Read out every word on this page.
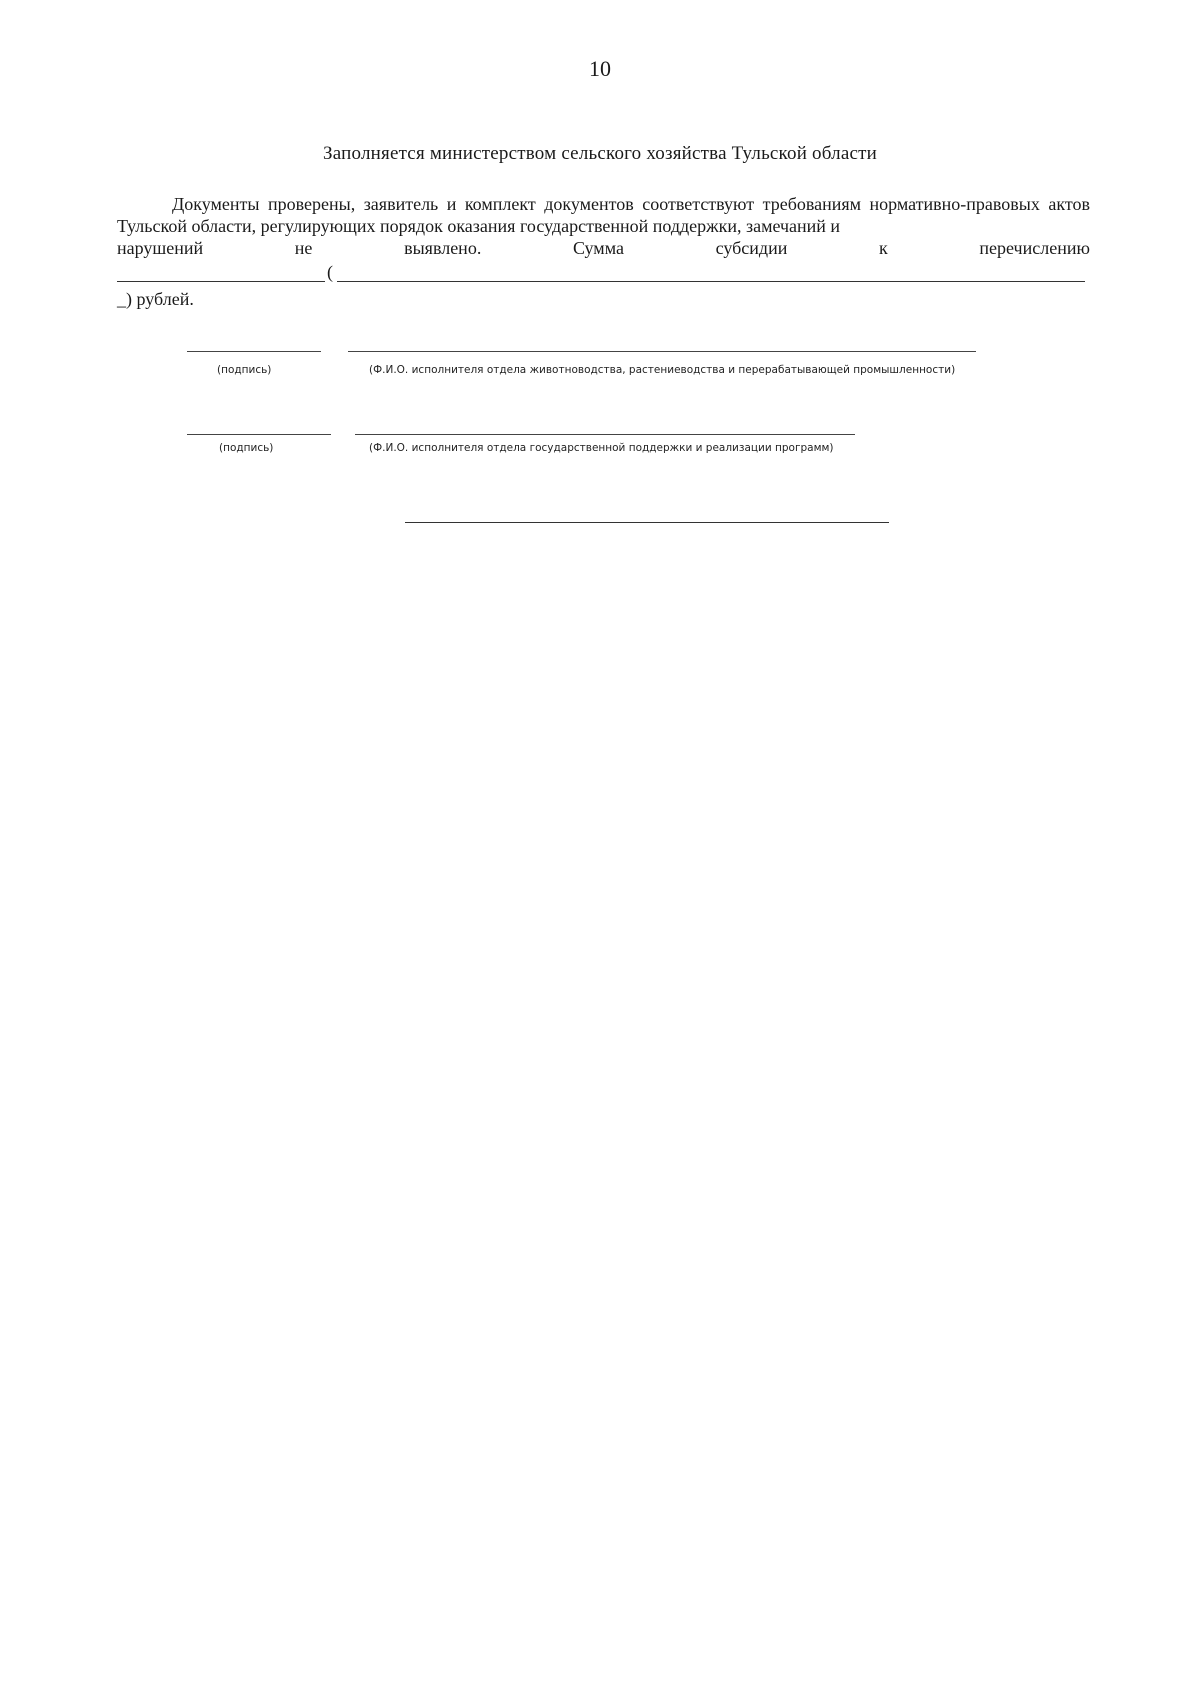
10
Заполняется министерством сельского хозяйства Тульской области

Документы проверены, заявитель и комплект документов соответствуют требованиям нормативно-правовых актов Тульской области, регулирующих порядок оказания государственной поддержки, замечаний и

нарушений	не	выявлено.	Сумма	субсидии	к	перечислению
(
_) рублей.
(подпись)	(Ф.И.О. исполнителя отдела животноводства, растениеводства и перерабатывающей промышленности)
(подпись)	(Ф.И.О. исполнителя отдела государственной поддержки и реализации программ)
